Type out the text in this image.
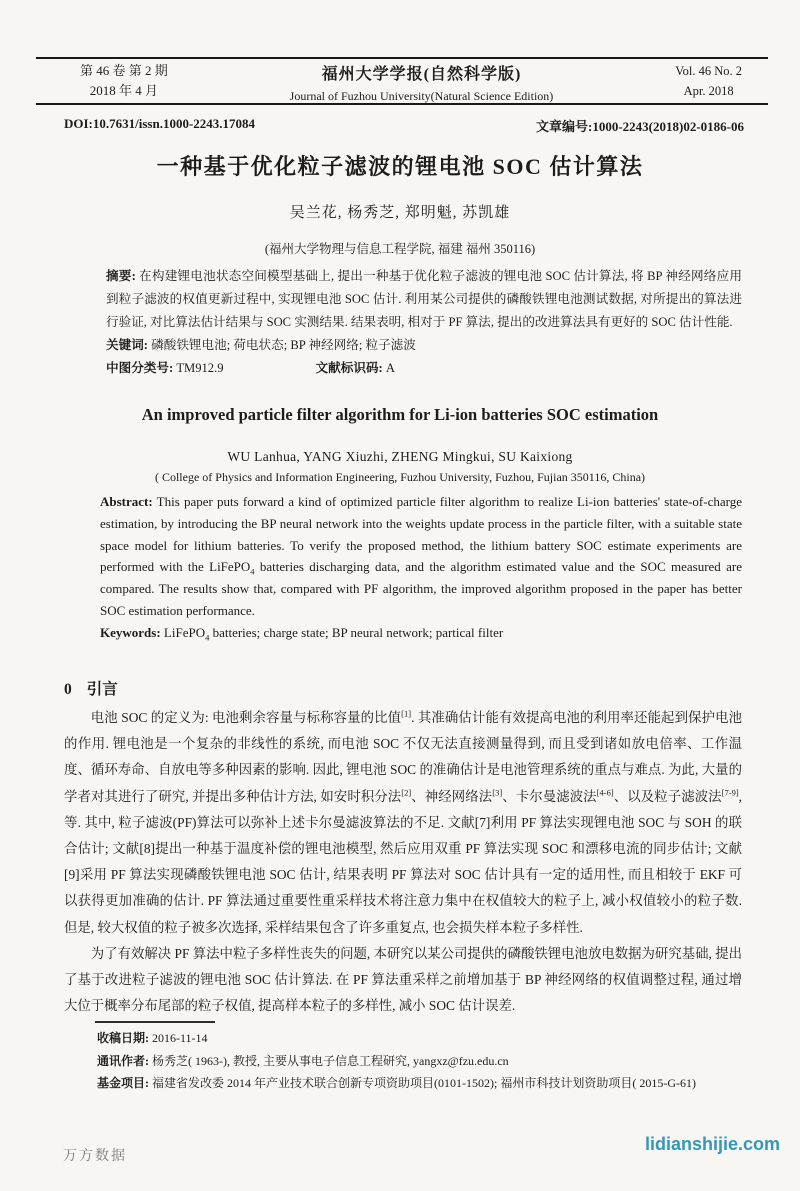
第 46 卷 第 2 期
2018 年 4 月
福州大学学报(自然科学版)
Journal of Fuzhou University(Natural Science Edition)
Vol. 46 No. 2
Apr. 2018
DOI:10.7631/issn.1000-2243.17084	文章编号:1000-2243(2018)02-0186-06
一种基于优化粒子滤波的锂电池 SOC 估计算法
吴兰花, 杨秀芝, 郑明魁, 苏凯雄
(福州大学物理与信息工程学院, 福建 福州 350116)

摘要: 在构建锂电池状态空间模型基础上, 提出一种基于优化粒子滤波的锂电池 SOC 估计算法, 将 BP 神经网络应用到粒子滤波的权值更新过程中, 实现锂电池 SOC 估计. 利用某公司提供的磷酸铁锂电池测试数据, 对所提出的算法进行验证, 对比算法估计结果与 SOC 实测结果. 结果表明, 相对于 PF 算法, 提出的改进算法具有更好的 SOC 估计性能.

关键词: 磷酸铁锂电池; 荷电状态; BP 神经网络; 粒子滤波

中图分类号: TM912.9	文献标识码: A

An improved particle filter algorithm for Li-ion batteries SOC estimation
WU Lanhua, YANG Xiuzhi, ZHENG Mingkui, SU Kaixiong
( College of Physics and Information Engineering, Fuzhou University, Fuzhou, Fujian 350116, China)

Abstract: This paper puts forward a kind of optimized particle filter algorithm to realize Li-ion batteries' state-of-charge estimation, by introducing the BP neural network into the weights update process in the particle filter, with a suitable state space model for lithium batteries. To verify the proposed method, the lithium battery SOC estimate experiments are performed with the LiFePO$_4$ batteries discharging data, and the algorithm estimated value and the SOC measured are compared. The results show that, compared with PF algorithm, the improved algorithm proposed in the paper has better SOC estimation performance.

Keywords: LiFePO$_4$ batteries; charge state; BP neural network; partical filter

0 引言

电池 SOC 的定义为: 电池剩余容量与标称容量的比值[1]. 其准确估计能有效提高电池的利用率还能起到保护电池的作用. 锂电池是一个复杂的非线性的系统, 而电池 SOC 不仅无法直接测量得到, 而且受到诸如放电倍率、工作温度、循环寿命、自放电等多种因素的影响. 因此, 锂电池 SOC 的准确估计是电池管理系统的重点与难点. 为此, 大量的学者对其进行了研究, 并提出多种估计方法, 如安时积分法[2]、神经网络法[3]、卡尔曼滤波法[4-6]、以及粒子滤波法[7-9], 等. 其中, 粒子滤波(PF)算法可以弥补上述卡尔曼滤波算法的不足. 文献[7]利用 PF 算法实现锂电池 SOC 与 SOH 的联合估计; 文献[8]提出一种基于温度补偿的锂电池模型, 然后应用双重 PF 算法实现 SOC 和漂移电流的同步估计; 文献[9]采用 PF 算法实现磷酸铁锂电池 SOC 估计, 结果表明 PF 算法对 SOC 估计具有一定的适用性, 而且相较于 EKF 可以获得更加准确的估计. PF 算法通过重要性重采样技术将注意力集中在权值较大的粒子上, 减小权值较小的粒子数. 但是, 较大权值的粒子被多次选择, 采样结果包含了许多重复点, 也会损失样本粒子多样性.

为了有效解决 PF 算法中粒子多样性丧失的问题, 本研究以某公司提供的磷酸铁锂电池放电数据为研究基础, 提出了基于改进粒子滤波的锂电池 SOC 估计算法. 在 PF 算法重采样之前增加基于 BP 神经网络的权值调整过程, 通过增大位于概率分布尾部的粒子权值, 提高样本粒子的多样性, 减小 SOC 估计误差.

收稿日期: 2016-11-14
通讯作者: 杨秀芝( 1963-), 教授, 主要从事电子信息工程研究, yangxz@fzu.edu.cn
基金项目: 福建省发改委 2014 年产业技术联合创新专项资助项目(0101-1502); 福州市科技计划资助项目( 2015-G-61)
万方数据
lidianshijie.com
